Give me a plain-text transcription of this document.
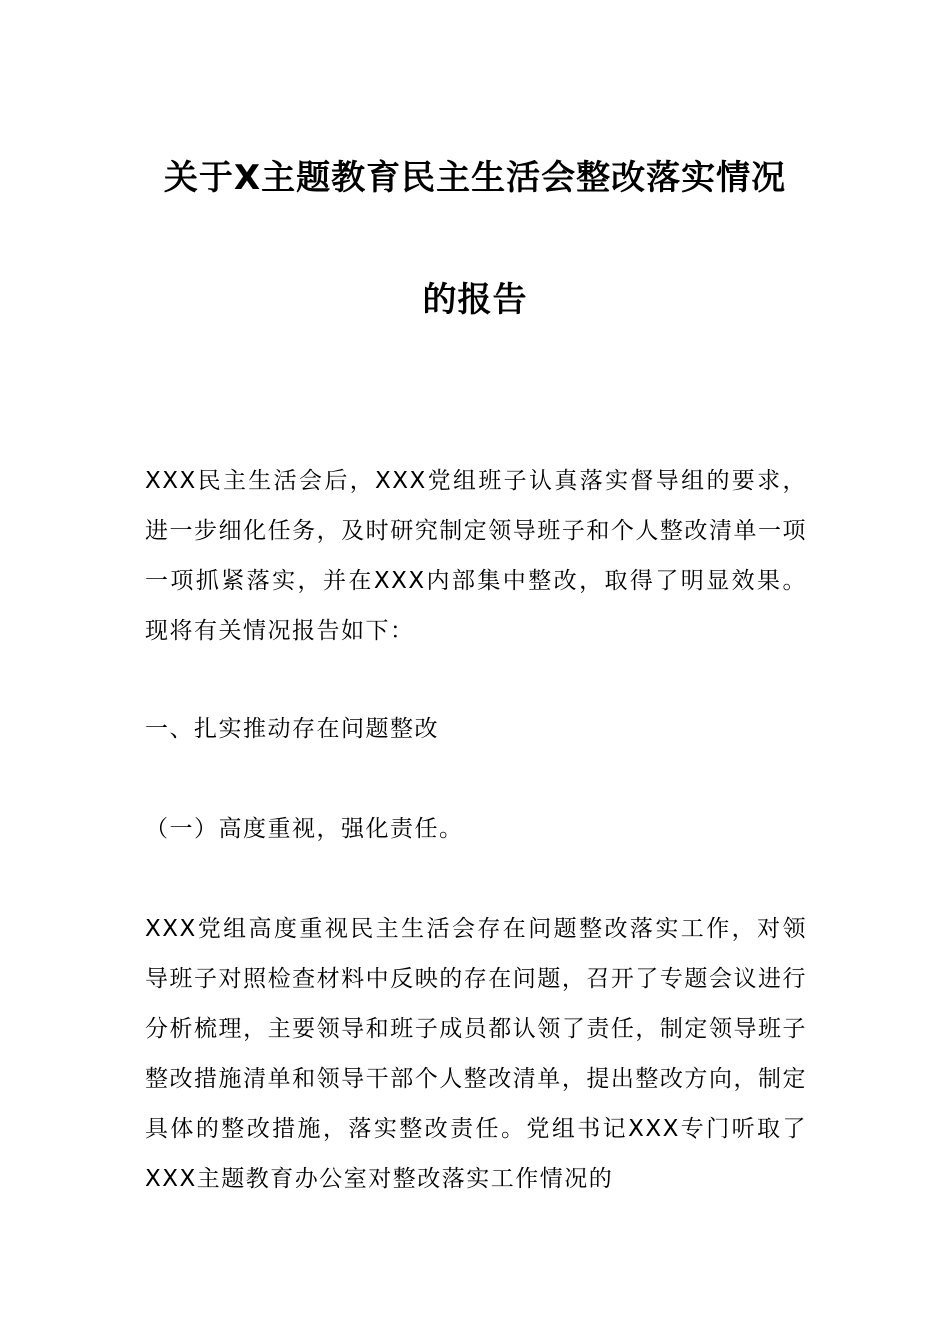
关于X主题教育民主生活会整改落实情况
的报告

XXX民主生活会后，XXX党组班子认真落实督导组的要求，进一步细化任务，及时研究制定领导班子和个人整改清单一项一项抓紧落实，并在XXX内部集中整改，取得了明显效果。现将有关情况报告如下：

一、扎实推动存在问题整改

（一）高度重视，强化责任。

XXX党组高度重视民主生活会存在问题整改落实工作，对领导班子对照检查材料中反映的存在问题，召开了专题会议进行分析梳理，主要领导和班子成员都认领了责任，制定领导班子整改措施清单和领导干部个人整改清单，提出整改方向，制定具体的整改措施，落实整改责任。党组书记XXX专门听取了XXX主题教育办公室对整改落实工作情况的
